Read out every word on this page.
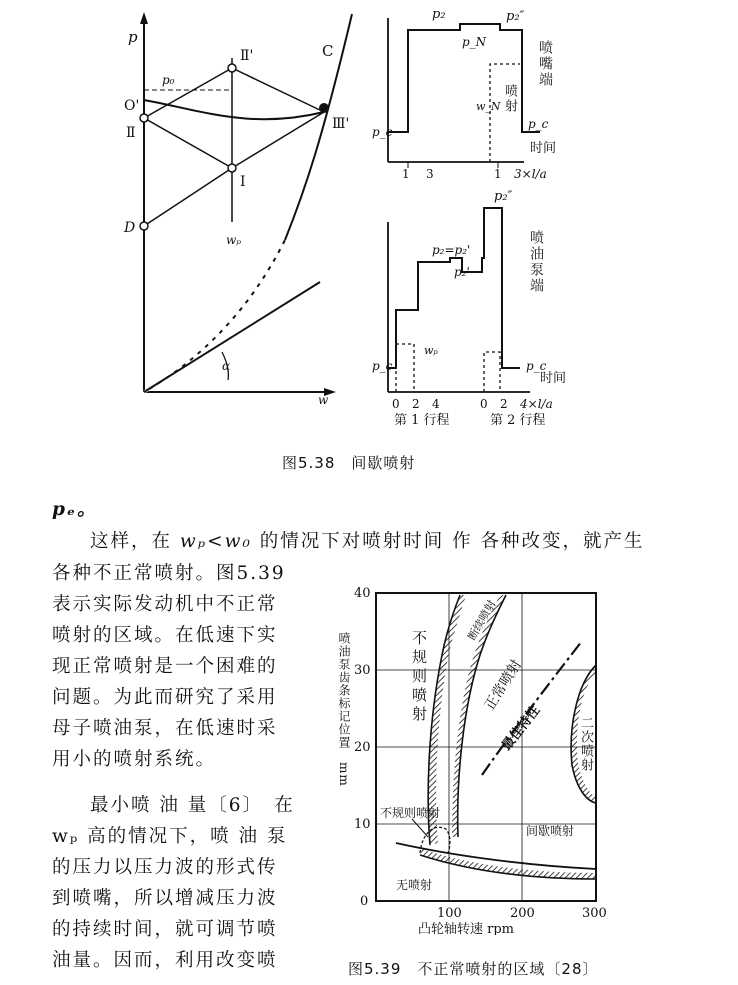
p
w
α
p₀
O'
Ⅱ
Ⅱ'
Ⅲ'
Ⅰ
C
D
wₚ
p₂
p_N
p₂″
w_N
p_c
p_c
时间
1 3	1 3×l/a
p₂″
p₂=p₂'
p₂'
wₚ
p_c	p_c
时间
0 2 4	0 2 4×l/a
第 1 行程	第 2 行程
喷嘴端
喷射
喷油泵端
图5.38　间歇喷射
pₑ。
这样，在 wₚ<w₀ 的情况下对喷射时间 作 各种改变，就产生
各种不正常喷射。图5.39
表示实际发动机中不正常
喷射的区域。在低速下实
现正常喷射是一个困难的
问题。为此而研究了采用
母子喷油泵，在低速时采
用小的喷射系统。
最小喷 油 量〔6〕　在
wₚ 高的情况下，喷 油 泵
的压力以压力波的形式传
到喷嘴，所以增减压力波
的持续时间，就可调节喷
油量。因而，利用改变喷
0
10
20
30
40
100	200	300
凸轮轴转速 rpm
无喷射
间歇喷射
不规则喷射
正常喷射
最佳特性
断续喷射
喷油泵齿条标记位置　mm	不规则喷射
二次喷射
图5.39　不正常喷射的区域〔28〕
